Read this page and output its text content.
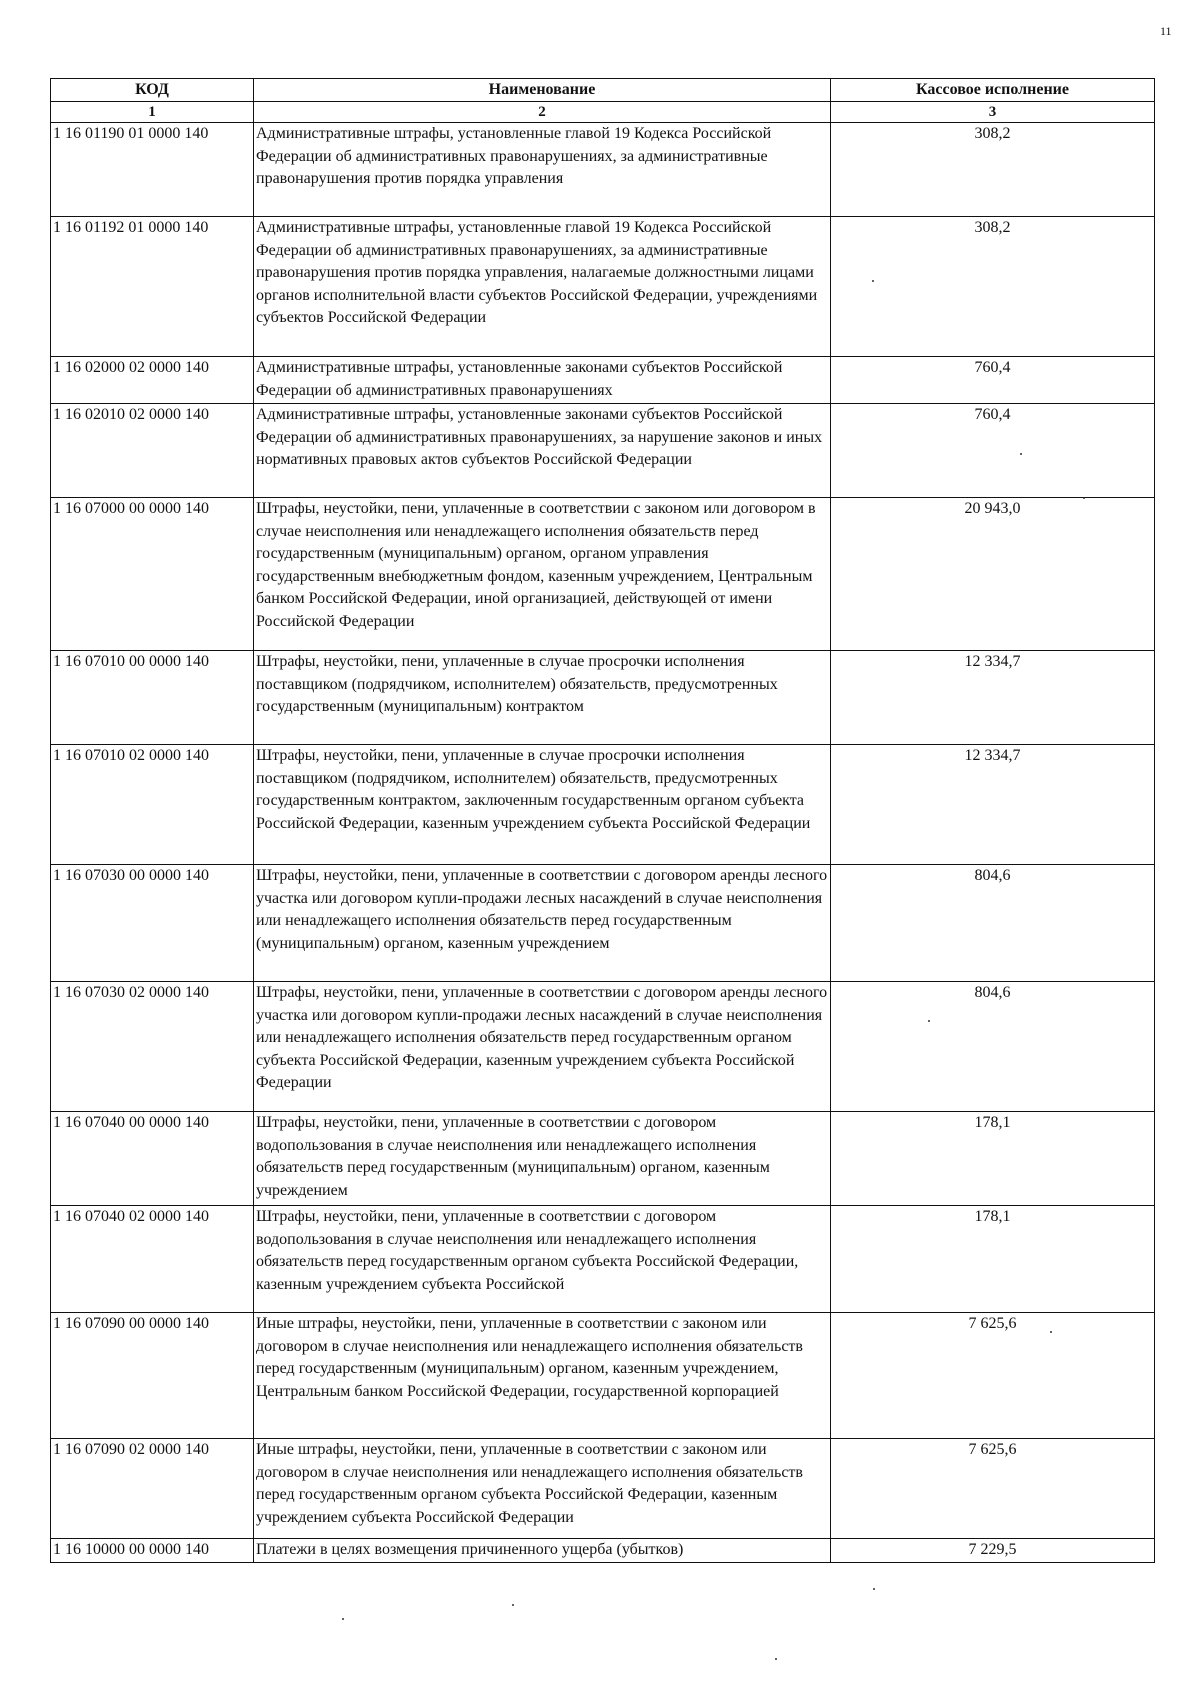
11
КОД	Наименование	Кассовое исполнение
1	2	3
1 16 01190 01 0000 140	Административные штрафы, установленные главой 19 Кодекса Российской Федерации об административных правонарушениях, за административные правонарушения против порядка управления	308,2
1 16 01192 01 0000 140	Административные штрафы, установленные главой 19 Кодекса Российской Федерации об административных правонарушениях, за административные правонарушения против порядка управления, налагаемые должностными лицами органов исполнительной власти субъектов Российской Федерации, учреждениями субъектов Российской Федерации	308,2
1 16 02000 02 0000 140	Административные штрафы, установленные законами субъектов Российской Федерации об административных правонарушениях	760,4
1 16 02010 02 0000 140	Административные штрафы, установленные законами субъектов Российской Федерации об административных правонарушениях, за нарушение законов и иных нормативных правовых актов субъектов Российской Федерации	760,4
1 16 07000 00 0000 140	Штрафы, неустойки, пени, уплаченные в соответствии с законом или договором в случае неисполнения или ненадлежащего исполнения обязательств перед государственным (муниципальным) органом, органом управления государственным внебюджетным фондом, казенным учреждением, Центральным банком Российской Федерации, иной организацией, действующей от имени Российской Федерации	20 943,0
1 16 07010 00 0000 140	Штрафы, неустойки, пени, уплаченные в случае просрочки исполнения поставщиком (подрядчиком, исполнителем) обязательств, предусмотренных государственным (муниципальным) контрактом	12 334,7
1 16 07010 02 0000 140	Штрафы, неустойки, пени, уплаченные в случае просрочки исполнения поставщиком (подрядчиком, исполнителем) обязательств, предусмотренных государственным контрактом, заключенным государственным органом субъекта Российской Федерации, казенным учреждением субъекта Российской Федерации	12 334,7
1 16 07030 00 0000 140	Штрафы, неустойки, пени, уплаченные в соответствии с договором аренды лесного участка или договором купли-продажи лесных насаждений в случае неисполнения или ненадлежащего исполнения обязательств перед государственным (муниципальным) органом, казенным учреждением	804,6
1 16 07030 02 0000 140	Штрафы, неустойки, пени, уплаченные в соответствии с договором аренды лесного участка или договором купли-продажи лесных насаждений в случае неисполнения или ненадлежащего исполнения обязательств перед государственным органом субъекта Российской Федерации, казенным учреждением субъекта Российской Федерации	804,6
1 16 07040 00 0000 140	Штрафы, неустойки, пени, уплаченные в соответствии с договором водопользования в случае неисполнения или ненадлежащего исполнения обязательств перед государственным (муниципальным) органом, казенным учреждением	178,1
1 16 07040 02 0000 140	Штрафы, неустойки, пени, уплаченные в соответствии с договором водопользования в случае неисполнения или ненадлежащего исполнения обязательств перед государственным органом субъекта Российской Федерации, казенным учреждением субъекта Российской	178,1
1 16 07090 00 0000 140	Иные штрафы, неустойки, пени, уплаченные в соответствии с законом или договором в случае неисполнения или ненадлежащего исполнения обязательств перед государственным (муниципальным) органом, казенным учреждением, Центральным банком Российской Федерации, государственной корпорацией	7 625,6
1 16 07090 02 0000 140	Иные штрафы, неустойки, пени, уплаченные в соответствии с законом или договором в случае неисполнения или ненадлежащего исполнения обязательств перед государственным органом субъекта Российской Федерации, казенным учреждением субъекта Российской Федерации	7 625,6
1 16 10000 00 0000 140	Платежи в целях возмещения причиненного ущерба (убытков)	7 229,5
